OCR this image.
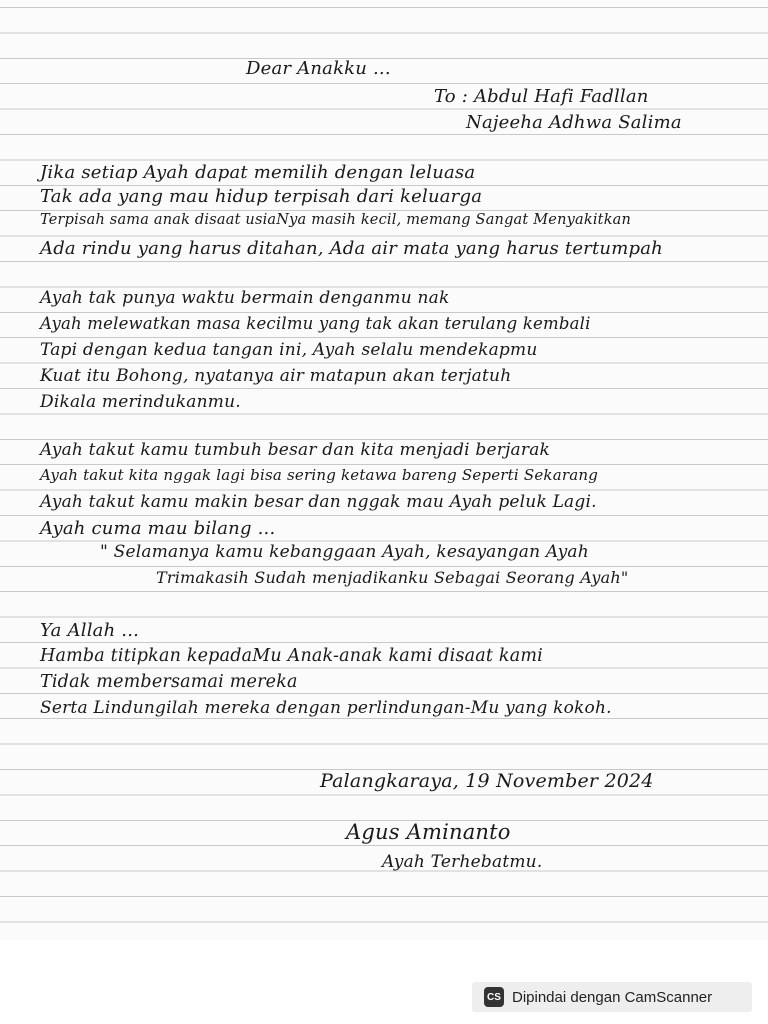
Dear Anakku ...
To : Abdul Hafi Fadllan
Najeeha Adhwa Salima
Jika setiap Ayah dapat memilih dengan leluasa
Tak ada yang mau hidup terpisah dari keluarga
Terpisah sama anak disaat usiaNya masih kecil, memang Sangat Menyakitkan
Ada rindu yang harus ditahan, Ada air mata yang harus tertumpah
Ayah tak punya waktu bermain denganmu nak
Ayah melewatkan masa kecilmu yang tak akan terulang kembali
Tapi dengan kedua tangan ini, Ayah selalu mendekapmu
Kuat itu Bohong, nyatanya air matapun akan terjatuh
Dikala merindukanmu.
Ayah takut kamu tumbuh besar dan kita menjadi berjarak
Ayah takut kita nggak lagi bisa sering ketawa bareng Seperti Sekarang
Ayah takut kamu makin besar dan nggak mau Ayah peluk Lagi.
Ayah cuma mau bilang ...
" Selamanya kamu kebanggaan Ayah, kesayangan Ayah
Trimakasih Sudah menjadikanku Sebagai Seorang Ayah"
Ya Allah ...
Hamba titipkan kepadaMu Anak-anak kami disaat kami
Tidak membersamai mereka
Serta Lindungilah mereka dengan perlindungan-Mu yang kokoh.
Palangkaraya, 19 November 2024
Agus Aminanto
Ayah Terhebatmu.
CS Dipindai dengan CamScanner
